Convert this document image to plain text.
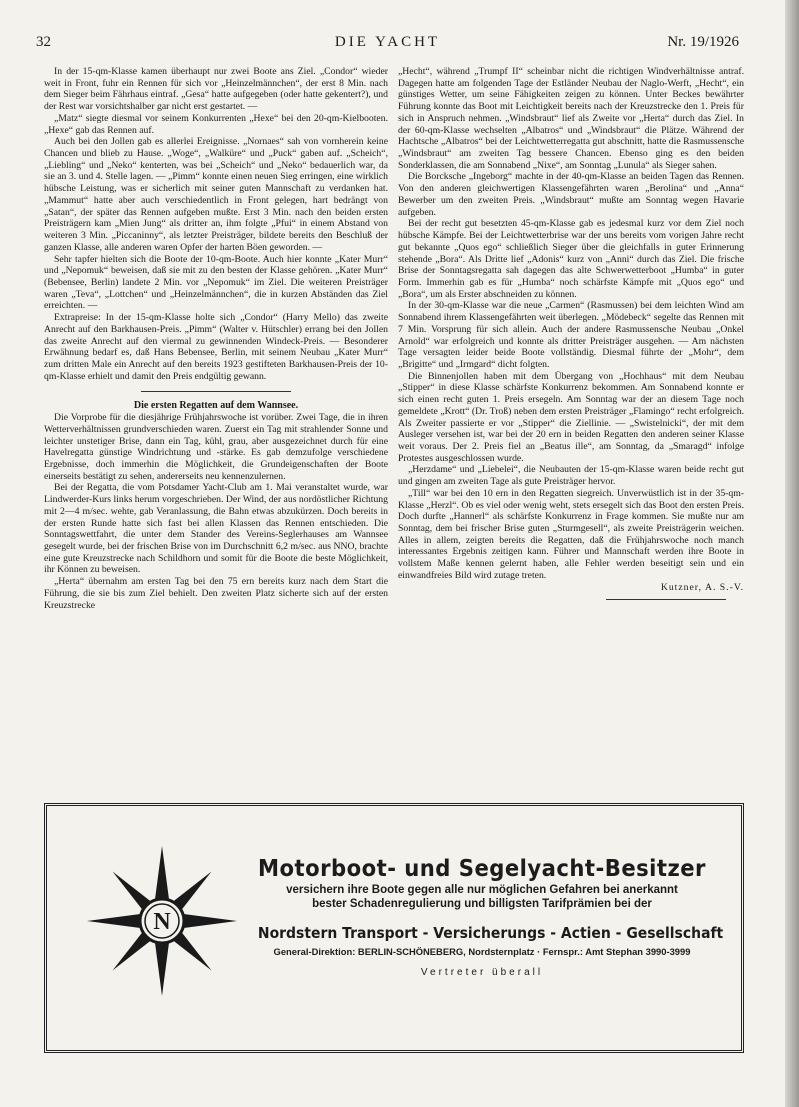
32	DIE YACHT	Nr. 19/1926

In der 15-qm-Klasse kamen überhaupt nur zwei Boote ans Ziel. „Condor“ wieder weit in Front, fuhr ein Rennen für sich vor „Heinzelmännchen“, der erst 8 Min. nach dem Sieger beim Fährhaus eintraf. „Gesa“ hatte aufgegeben (oder hatte gekentert?), und der Rest war vorsichtshalber gar nicht erst gestartet. —

„Matz“ siegte diesmal vor seinem Konkurrenten „Hexe“ bei den 20-qm-Kielbooten. „Hexe“ gab das Rennen auf.

Auch bei den Jollen gab es allerlei Ereignisse. „Nornaes“ sah von vornherein keine Chancen und blieb zu Hause. „Woge“, „Walküre“ und „Puck“ gaben auf. „Scheich“, „Liebling“ und „Neko“ kenterten, was bei „Scheich“ und „Neko“ bedauerlich war, da sie an 3. und 4. Stelle lagen. — „Pimm“ konnte einen neuen Sieg erringen, eine wirklich hübsche Leistung, was er sicherlich mit seiner guten Mannschaft zu verdanken hat. „Mammut“ hatte aber auch verschiedentlich in Front gelegen, hart bedrängt von „Satan“, der später das Rennen aufgeben mußte. Erst 3 Min. nach den beiden ersten Preisträgern kam „Mien Jung“ als dritter an, ihm folgte „Pfui“ in einem Abstand von weiteren 3 Min. „Piccaninny“, als letzter Preisträger, bildete bereits den Beschluß der ganzen Klasse, alle anderen waren Opfer der harten Böen geworden. —

Sehr tapfer hielten sich die Boote der 10-qm-Boote. Auch hier konnte „Kater Murr“ und „Nepomuk“ beweisen, daß sie mit zu den besten der Klasse gehören. „Kater Murr“ (Bebensee, Berlin) landete 2 Min. vor „Nepomuk“ im Ziel. Die weiteren Preisträger waren „Teva“, „Lottchen“ und „Heinzelmännchen“, die in kurzen Abständen das Ziel erreichten. —

Extrapreise: In der 15-qm-Klasse holte sich „Condor“ (Harry Mello) das zweite Anrecht auf den Barkhausen-Preis. „Pimm“ (Walter v. Hütschler) errang bei den Jollen das zweite Anrecht auf den viermal zu gewinnenden Windeck-Preis. — Besonderer Erwähnung bedarf es, daß Hans Bebensee, Berlin, mit seinem Neubau „Kater Murr“ zum dritten Male ein Anrecht auf den bereits 1923 gestifteten Barkhausen-Preis der 10-qm-Klasse erhielt und damit den Preis endgültig gewann.

Die ersten Regatten auf dem Wannsee.

Die Vorprobe für die diesjährige Frühjahrswoche ist vorüber. Zwei Tage, die in ihren Wetterverhältnissen grundverschieden waren. Zuerst ein Tag mit strahlender Sonne und leichter unstetiger Brise, dann ein Tag, kühl, grau, aber ausgezeichnet durch für eine Havelregatta günstige Windrichtung und -stärke. Es gab demzufolge verschiedene Ergebnisse, doch immerhin die Möglichkeit, die Grundeigenschaften der Boote einerseits bestätigt zu sehen, andererseits neu kennenzulernen.

Bei der Regatta, die vom Potsdamer Yacht-Club am 1. Mai veranstaltet wurde, war Lindwerder-Kurs links herum vorgeschrieben. Der Wind, der aus nordöstlicher Richtung mit 2—4 m/sec. wehte, gab Veranlassung, die Bahn etwas abzukürzen. Doch bereits in der ersten Runde hatte sich fast bei allen Klassen das Rennen entschieden. Die Sonntagswettfahrt, die unter dem Stander des Vereins-Seglerhauses am Wannsee gesegelt wurde, bei der frischen Brise von im Durchschnitt 6,2 m/sec. aus NNO, brachte eine gute Kreuzstrecke nach Schildhorn und somit für die Boote die beste Möglichkeit, ihr Können zu beweisen.

„Herta“ übernahm am ersten Tag bei den 75 ern bereits kurz nach dem Start die Führung, die sie bis zum Ziel behielt. Den zweiten Platz sicherte sich auf der ersten Kreuzstrecke

„Hecht“, während „Trumpf II“ scheinbar nicht die richtigen Windverhältnisse antraf. Dagegen hatte am folgenden Tage der Estländer Neubau der Naglo-Werft, „Hecht“, ein günstiges Wetter, um seine Fähigkeiten zeigen zu können. Unter Beckes bewährter Führung konnte das Boot mit Leichtigkeit bereits nach der Kreuzstrecke den 1. Preis für sich in Anspruch nehmen. „Windsbraut“ lief als Zweite vor „Herta“ durch das Ziel. In der 60-qm-Klasse wechselten „Albatros“ und „Windsbraut“ die Plätze. Während der Hachtsche „Albatros“ bei der Leichtwetterregatta gut abschnitt, hatte die Rasmussensche „Windsbraut“ am zweiten Tag bessere Chancen. Ebenso ging es den beiden Sonderklassen, die am Sonnabend „Nixe“, am Sonntag „Lunula“ als Sieger sahen.

Die Borcksche „Ingeborg“ machte in der 40-qm-Klasse an beiden Tagen das Rennen. Von den anderen gleichwertigen Klassengefährten waren „Berolina“ und „Anna“ Bewerber um den zweiten Preis. „Windsbraut“ mußte am Sonntag wegen Havarie aufgeben.

Bei der recht gut besetzten 45-qm-Klasse gab es jedesmal kurz vor dem Ziel noch hübsche Kämpfe. Bei der Leichtwetterbrise war der uns bereits vom vorigen Jahre recht gut bekannte „Quos ego“ schließlich Sieger über die gleichfalls in guter Erinnerung stehende „Bora“. Als Dritte lief „Adonis“ kurz von „Anni“ durch das Ziel. Die frische Brise der Sonntagsregatta sah dagegen das alte Schwerwetterboot „Humba“ in guter Form. Immerhin gab es für „Humba“ noch schärfste Kämpfe mit „Quos ego“ und „Bora“, um als Erster abschneiden zu können.

In der 30-qm-Klasse war die neue „Carmen“ (Rasmussen) bei dem leichten Wind am Sonnabend ihrem Klassengefährten weit überlegen. „Mödebeck“ segelte das Rennen mit 7 Min. Vorsprung für sich allein. Auch der andere Rasmussensche Neubau „Onkel Arnold“ war erfolgreich und konnte als dritter Preisträger ausgehen. — Am nächsten Tage versagten leider beide Boote vollständig. Diesmal führte der „Mohr“, dem „Brigitte“ und „Irmgard“ dicht folgten.

Die Binnenjollen haben mit dem Übergang von „Hochhaus“ mit dem Neubau „Stipper“ in diese Klasse schärfste Konkurrenz bekommen. Am Sonnabend konnte er sich einen recht guten 1. Preis ersegeln. Am Sonntag war der an diesem Tage noch gemeldete „Krott“ (Dr. Troß) neben dem ersten Preisträger „Flamingo“ recht erfolgreich. Als Zweiter passierte er vor „Stipper“ die Ziellinie. — „Swistelnicki“, der mit dem Ausleger versehen ist, war bei der 20 ern in beiden Regatten den anderen seiner Klasse weit voraus. Der 2. Preis fiel an „Beatus ille“, am Sonntag, da „Smaragd“ infolge Protestes ausgeschlossen wurde.

„Herzdame“ und „Liebelei“, die Neubauten der 15-qm-Klasse waren beide recht gut und gingen am zweiten Tage als gute Preisträger hervor.

„Till“ war bei den 10 ern in den Regatten siegreich. Unverwüstlich ist in der 35-qm-Klasse „Herzl“. Ob es viel oder wenig weht, stets ersegelt sich das Boot den ersten Preis. Doch durfte „Hannerl“ als schärfste Konkurrenz in Frage kommen. Sie mußte nur am Sonntag, dem bei frischer Brise guten „Sturmgesell“, als zweite Preisträgerin weichen. Alles in allem, zeigten bereits die Regatten, daß die Frühjahrswoche noch manch interessantes Ergebnis zeitigen kann. Führer und Mannschaft werden ihre Boote in vollstem Maße kennen gelernt haben, alle Fehler werden beseitigt sein und ein einwandfreies Bild wird zutage treten.

Kutzner, A. S.-V.

N
Motorboot- und Segelyacht-Besitzer
versichern ihre Boote gegen alle nur möglichen Gefahren bei anerkannt
bester Schadenregulierung und billigsten Tarifprämien bei der
Nordstern Transport - Versicherungs - Actien - Gesellschaft
General-Direktion: BERLIN-SCHÖNEBERG, Nordsternplatz · Fernspr.: Amt Stephan 3990-3999
Vertreter überall
